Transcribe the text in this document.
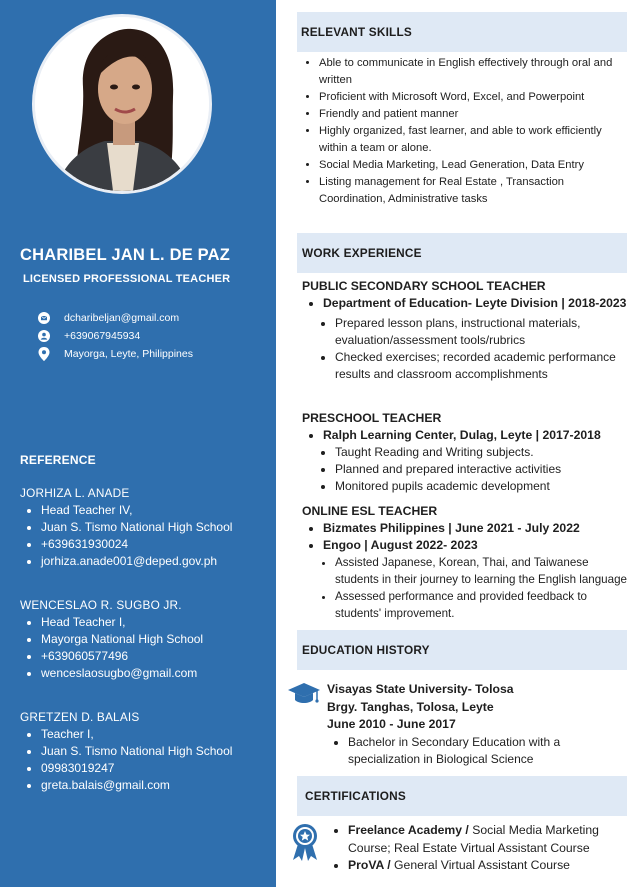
CHARIBEL JAN L. DE PAZ
LICENSED PROFESSIONAL TEACHER
dcharibeljan@gmail.com
+639067945934
Mayorga, Leyte, Philippines
REFERENCE
JORHIZA L. ANADE
• Head Teacher IV,
• Juan S. Tismo National High School
• +639631930024
• jorhiza.anade001@deped.gov.ph
WENCESLAO R. SUGBO JR.
• Head Teacher I,
• Mayorga National High School
• +639060577496
• wenceslaosugbo@gmail.com
GRETZEN D. BALAIS
• Teacher I,
• Juan S. Tismo National High School
• 09983019247
• greta.balais@gmail.com
RELEVANT SKILLS
• Able to communicate in English effectively through oral and written
• Proficient with Microsoft Word, Excel, and Powerpoint
• Friendly and patient manner
• Highly organized, fast learner, and able to work efficiently within a team or alone.
• Social Media Marketing, Lead Generation, Data Entry
• Listing management for Real Estate , Transaction Coordination, Administrative tasks
WORK EXPERIENCE
PUBLIC SECONDARY SCHOOL TEACHER
• Department of Education- Leyte Division | 2018-2023
• Prepared lesson plans, instructional materials, evaluation/assessment tools/rubrics
• Checked exercises; recorded academic performance results and classroom accomplishments
PRESCHOOL TEACHER
• Ralph Learning Center, Dulag, Leyte | 2017-2018
• Taught Reading and Writing subjects.
• Planned and prepared interactive activities
• Monitored pupils academic development
ONLINE ESL TEACHER
• Bizmates Philippines | June 2021 - July 2022
• Engoo | August 2022- 2023
• Assisted Japanese, Korean, Thai, and Taiwanese students in their journey to learning the English language
• Assessed performance and provided feedback to students' improvement.
EDUCATION HISTORY
Visayas State University- Tolosa
Brgy. Tanghas, Tolosa, Leyte
June 2010 - June 2017
• Bachelor in Secondary Education with a specialization in Biological Science
CERTIFICATIONS
• Freelance Academy / Social Media Marketing Course; Real Estate Virtual Assistant Course
• ProVA / General Virtual Assistant Course
